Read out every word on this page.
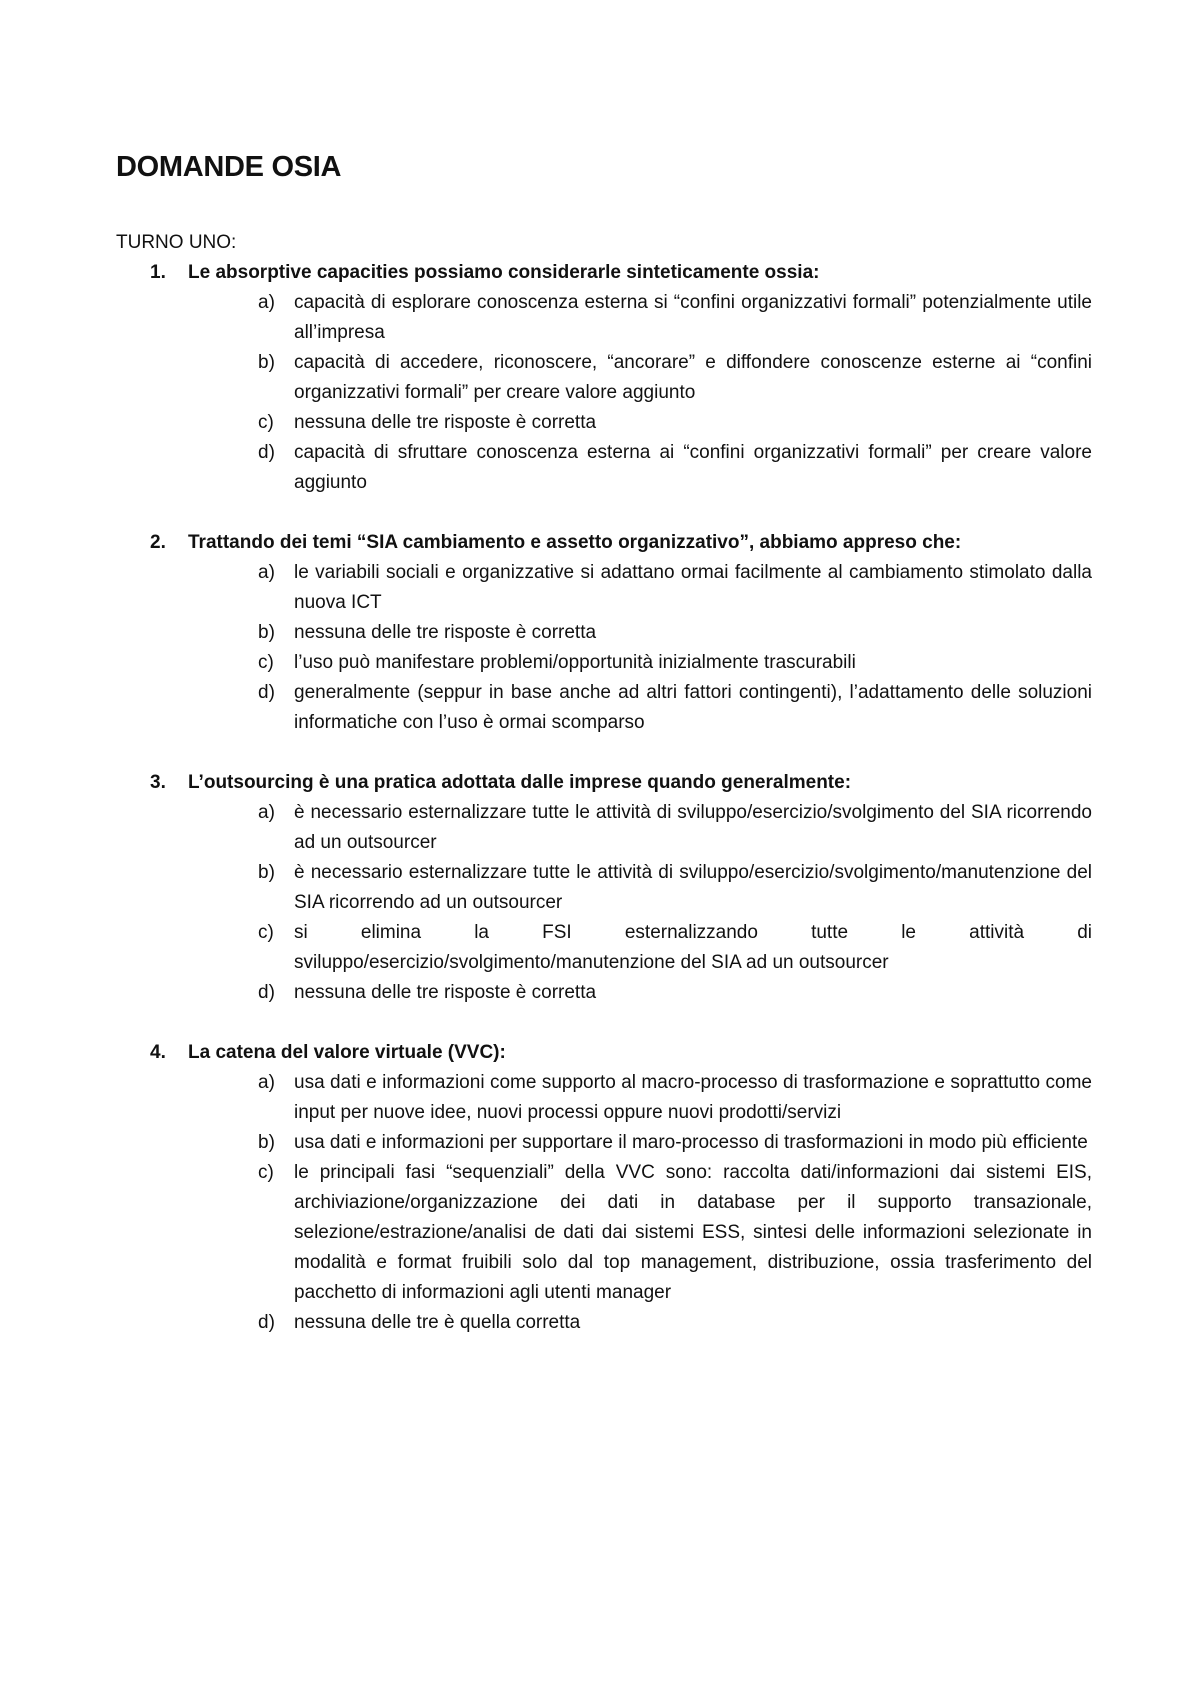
DOMANDE OSIA
TURNO UNO:
1.	Le absorptive capacities possiamo considerarle sinteticamente ossia:
a)	capacità di esplorare conoscenza esterna si “confini organizzativi formali” potenzialmente utile all’impresa
b)	capacità di accedere, riconoscere, “ancorare” e diffondere conoscenze esterne ai “confini organizzativi formali” per creare valore aggiunto
c)	nessuna delle tre risposte è corretta
d)	capacità di sfruttare conoscenza esterna ai “confini organizzativi formali” per creare valore aggiunto
2.	Trattando dei temi “SIA cambiamento e assetto organizzativo”, abbiamo appreso che:
a)	le variabili sociali e organizzative si adattano ormai facilmente al cambiamento stimolato dalla nuova ICT
b)	nessuna delle tre risposte è corretta
c)	l’uso può manifestare problemi/opportunità inizialmente trascurabili
d)	generalmente (seppur in base anche ad altri fattori contingenti), l’adattamento delle soluzioni informatiche con l’uso è ormai scomparso
3.	L’outsourcing è una pratica adottata dalle imprese quando generalmente:
a)	è necessario esternalizzare tutte le attività di sviluppo/esercizio/svolgimento del SIA ricorrendo ad un outsourcer
b)	è necessario esternalizzare tutte le attività di sviluppo/esercizio/svolgimento/manutenzione del SIA ricorrendo ad un outsourcer
c)	si elimina la FSI esternalizzando tutte le attività di sviluppo/esercizio/svolgimento/manutenzione del SIA ad un outsourcer
d)	nessuna delle tre risposte è corretta
4.	La catena del valore virtuale (VVC):
a)	usa dati e informazioni come supporto al macro-processo di trasformazione e soprattutto come input per nuove idee, nuovi processi oppure nuovi prodotti/servizi
b)	usa dati e informazioni per supportare il maro-processo di trasformazioni in modo più efficiente
c)	le principali fasi “sequenziali” della VVC sono: raccolta dati/informazioni dai sistemi EIS, archiviazione/organizzazione dei dati in database per il supporto transazionale, selezione/estrazione/analisi de dati dai sistemi ESS, sintesi delle informazioni selezionate in modalità e format fruibili solo dal top management, distribuzione, ossia trasferimento del pacchetto di informazioni agli utenti manager
d)	nessuna delle tre è quella corretta
